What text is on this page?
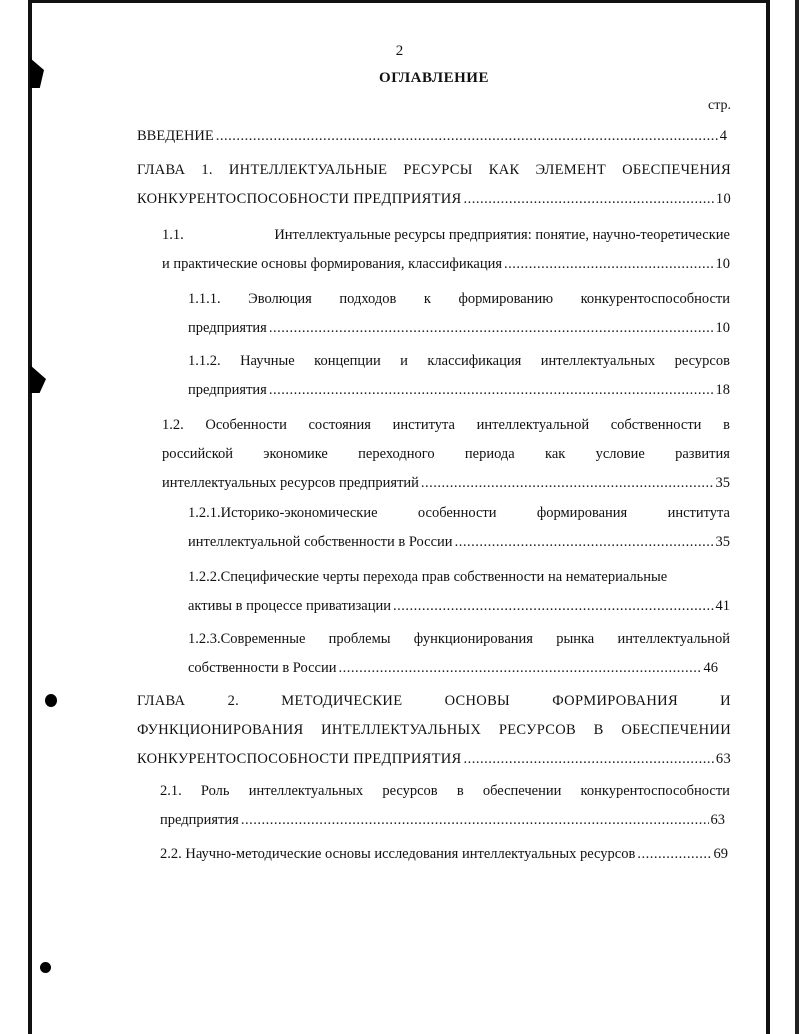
2
ОГЛАВЛЕНИЕ
стр.
ВВЕДЕНИЕ .....	4
ГЛАВА 1. ИНТЕЛЛЕКТУАЛЬНЫЕ РЕСУРСЫ КАК ЭЛЕМЕНТ ОБЕСПЕЧЕНИЯ
КОНКУРЕНТОСПОСОБНОСТИ ПРЕДПРИЯТИЯ .....	10
1.1.	Интеллектуальные ресурсы предприятия: понятие, научно-теоретические
и практические основы формирования, классификация .....	10
1.1.1. Эволюция подходов к формированию конкурентоспособности
предприятия .....	10
1.1.2. Научные концепции и классификация интеллектуальных ресурсов
предприятия .....	18
1.2. Особенности состояния института интеллектуальной собственности в
российской экономике переходного периода как условие развития
интеллектуальных ресурсов предприятий .....	35
1.2.1.Историко-экономические	особенности	формирования	института
интеллектуальной собственности в России .....	35
1.2.2.Специфические черты перехода прав собственности на нематериальные
активы в процессе приватизации .....	41
1.2.3.Современные проблемы функционирования рынка интеллектуальной
собственности в России .....	46
ГЛАВА	2.	МЕТОДИЧЕСКИЕ	ОСНОВЫ	ФОРМИРОВАНИЯ	И
ФУНКЦИОНИРОВАНИЯ ИНТЕЛЛЕКТУАЛЬНЫХ РЕСУРСОВ В ОБЕСПЕЧЕНИИ
КОНКУРЕНТОСПОСОБНОСТИ ПРЕДПРИЯТИЯ .....	63
2.1. Роль интеллектуальных ресурсов в обеспечении конкурентоспособности
предприятия .....	63
2.2. Научно-методические основы исследования интеллектуальных ресурсов .....	69
